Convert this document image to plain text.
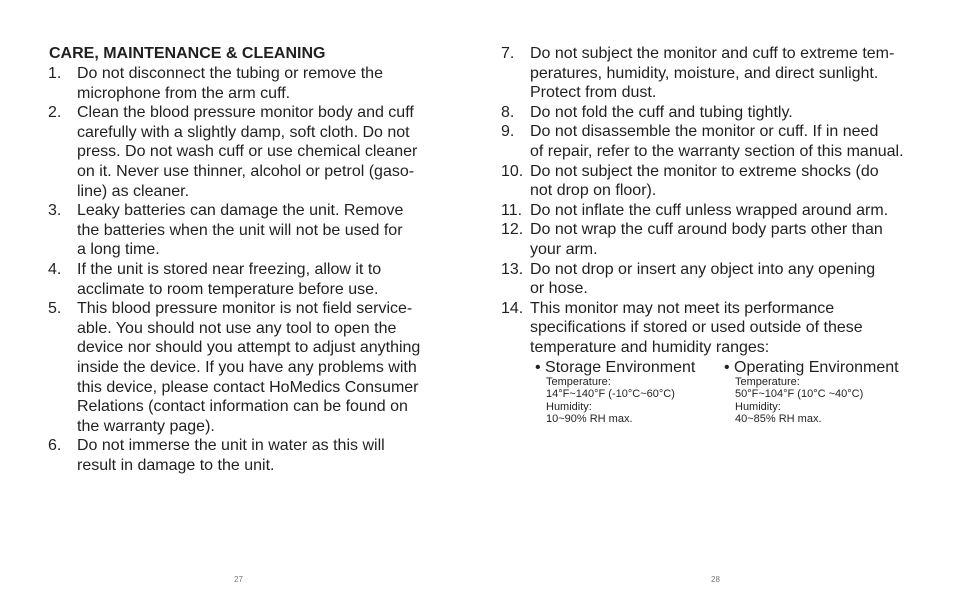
CARE, MAINTENANCE & CLEANING
1. Do not disconnect the tubing or remove the
microphone from the arm cuff.
2. Clean the blood pressure monitor body and cuff
carefully with a slightly damp, soft cloth. Do not
press. Do not wash cuff or use chemical cleaner
on it. Never use thinner, alcohol or petrol (gaso-
line) as cleaner.
3. Leaky batteries can damage the unit. Remove
the batteries when the unit will not be used for
a long time.
4. If the unit is stored near freezing, allow it to
acclimate to room temperature before use.
5. This blood pressure monitor is not field service-
able. You should not use any tool to open the
device nor should you attempt to adjust anything
inside the device. If you have any problems with
this device, please contact HoMedics Consumer
Relations (contact information can be found on
the warranty page).
6. Do not immerse the unit in water as this will
result in damage to the unit.
27
7. Do not subject the monitor and cuff to extreme tem-
peratures, humidity, moisture, and direct sunlight.
Protect from dust.
8. Do not fold the cuff and tubing tightly.
9. Do not disassemble the monitor or cuff. If in need
of repair, refer to the warranty section of this manual.
10. Do not subject the monitor to extreme shocks (do
not drop on floor).
11. Do not inflate the cuff unless wrapped around arm.
12. Do not wrap the cuff around body parts other than
your arm.
13. Do not drop or insert any object into any opening
or hose.
14. This monitor may not meet its performance
specifications if stored or used outside of these
temperature and humidity ranges:
• Storage Environment
Temperature:
14°F~140°F (-10°C~60°C)
Humidity:
10~90% RH max.
• Operating Environment
Temperature:
50°F~104°F (10°C ~40°C)
Humidity:
40~85% RH max.
28
